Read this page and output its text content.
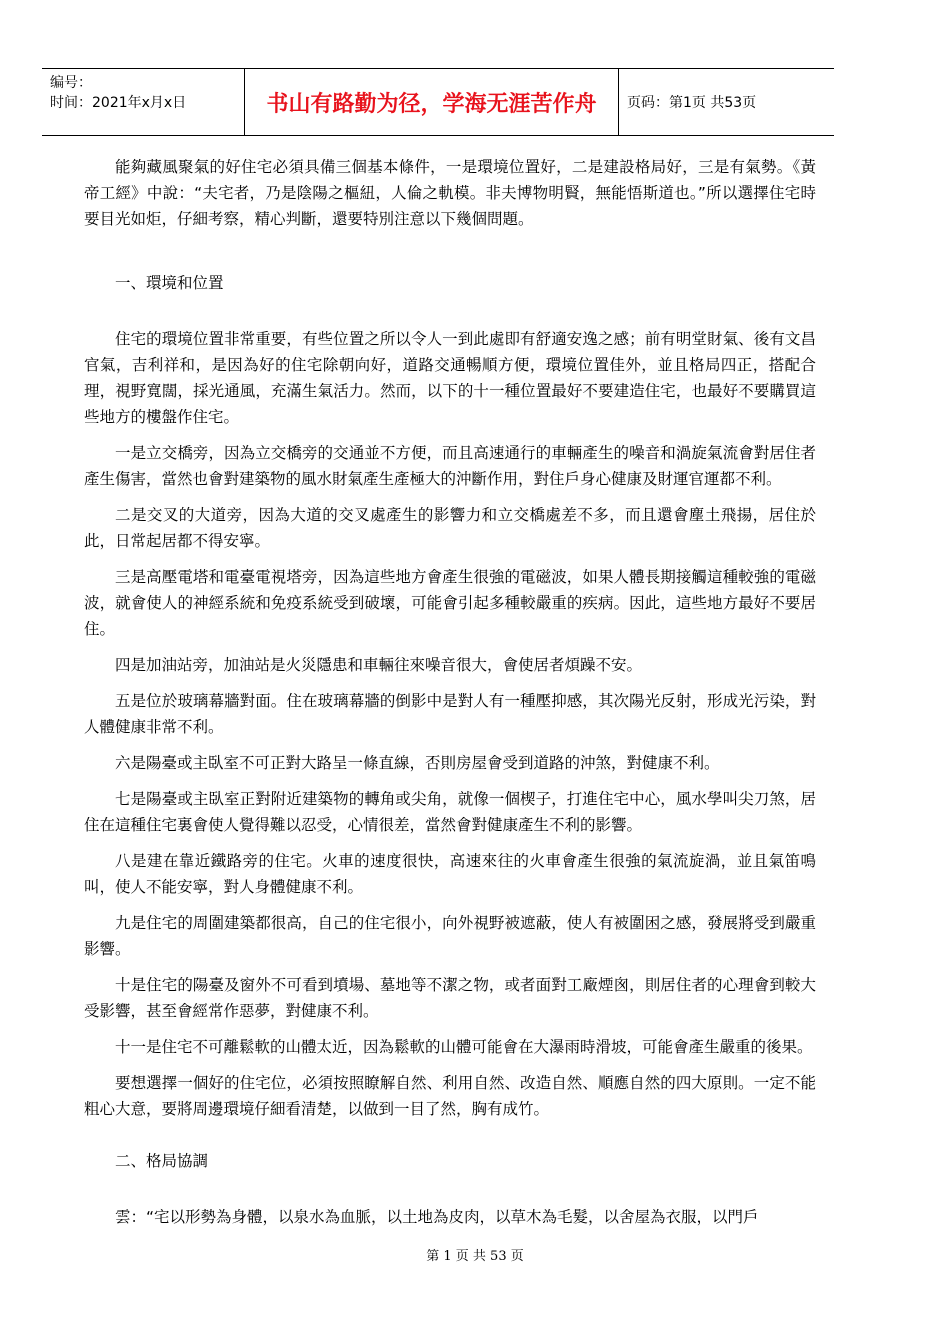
编号：
时间：2021年x月x日	书山有路勤为径，学海无涯苦作舟	页码：第1页 共53页

能夠藏風聚氣的好住宅必須具備三個基本條件，一是環境位置好，二是建設格局好，三是有氣勢。《黃帝工經》中說：“夫宅者，乃是陰陽之樞紐，人倫之軌模。非夫博物明賢，無能悟斯道也。”所以選擇住宅時要目光如炬，仔細考察，精心判斷，還要特別注意以下幾個問題。

一、環境和位置

住宅的環境位置非常重要，有些位置之所以令人一到此處即有舒適安逸之感；前有明堂財氣、後有文昌官氣，吉利祥和，是因為好的住宅除朝向好，道路交通暢順方便，環境位置佳外，並且格局四正，搭配合理，視野寬闊，採光通風，充滿生氣活力。然而，以下的十一種位置最好不要建造住宅，也最好不要購買這些地方的樓盤作住宅。

一是立交橋旁，因為立交橋旁的交通並不方便，而且高速通行的車輛產生的噪音和渦旋氣流會對居住者產生傷害，當然也會對建築物的風水財氣產生產極大的沖斷作用，對住戶身心健康及財運官運都不利。

二是交叉的大道旁，因為大道的交叉處產生的影響力和立交橋處差不多，而且還會塵土飛揚，居住於此，日常起居都不得安寧。

三是高壓電塔和電臺電視塔旁，因為這些地方會產生很強的電磁波，如果人體長期接觸這種較強的電磁波，就會使人的神經系統和免疫系統受到破壞，可能會引起多種較嚴重的疾病。因此，這些地方最好不要居住。

四是加油站旁，加油站是火災隱患和車輛往來噪音很大，會使居者煩躁不安。

五是位於玻璃幕牆對面。住在玻璃幕牆的倒影中是對人有一種壓抑感，其次陽光反射，形成光污染，對人體健康非常不利。

六是陽臺或主臥室不可正對大路呈一條直線，否則房屋會受到道路的沖煞，對健康不利。

七是陽臺或主臥室正對附近建築物的轉角或尖角，就像一個楔子，打進住宅中心，風水學叫尖刀煞，居住在這種住宅裏會使人覺得難以忍受，心情很差，當然會對健康產生不利的影響。

八是建在靠近鐵路旁的住宅。火車的速度很快，高速來往的火車會產生很強的氣流旋渦，並且氣笛鳴叫，使人不能安寧，對人身體健康不利。

九是住宅的周圍建築都很高，自己的住宅很小，向外視野被遮蔽，使人有被圍困之感，發展將受到嚴重影響。

十是住宅的陽臺及窗外不可看到墳場、墓地等不潔之物，或者面對工廠煙囪，則居住者的心理會到較大受影響，甚至會經常作惡夢，對健康不利。

十一是住宅不可離鬆軟的山體太近，因為鬆軟的山體可能會在大瀑雨時滑坡，可能會產生嚴重的後果。

要想選擇一個好的住宅位，必須按照瞭解自然、利用自然、改造自然、順應自然的四大原則。一定不能粗心大意，要將周邊環境仔細看清楚，以做到一目了然，胸有成竹。

二、格局協調

雲：“宅以形勢為身體，以泉水為血脈，以土地為皮肉，以草木為毛髮，以舍屋為衣服，以門戶

第 1 页 共 53 页
